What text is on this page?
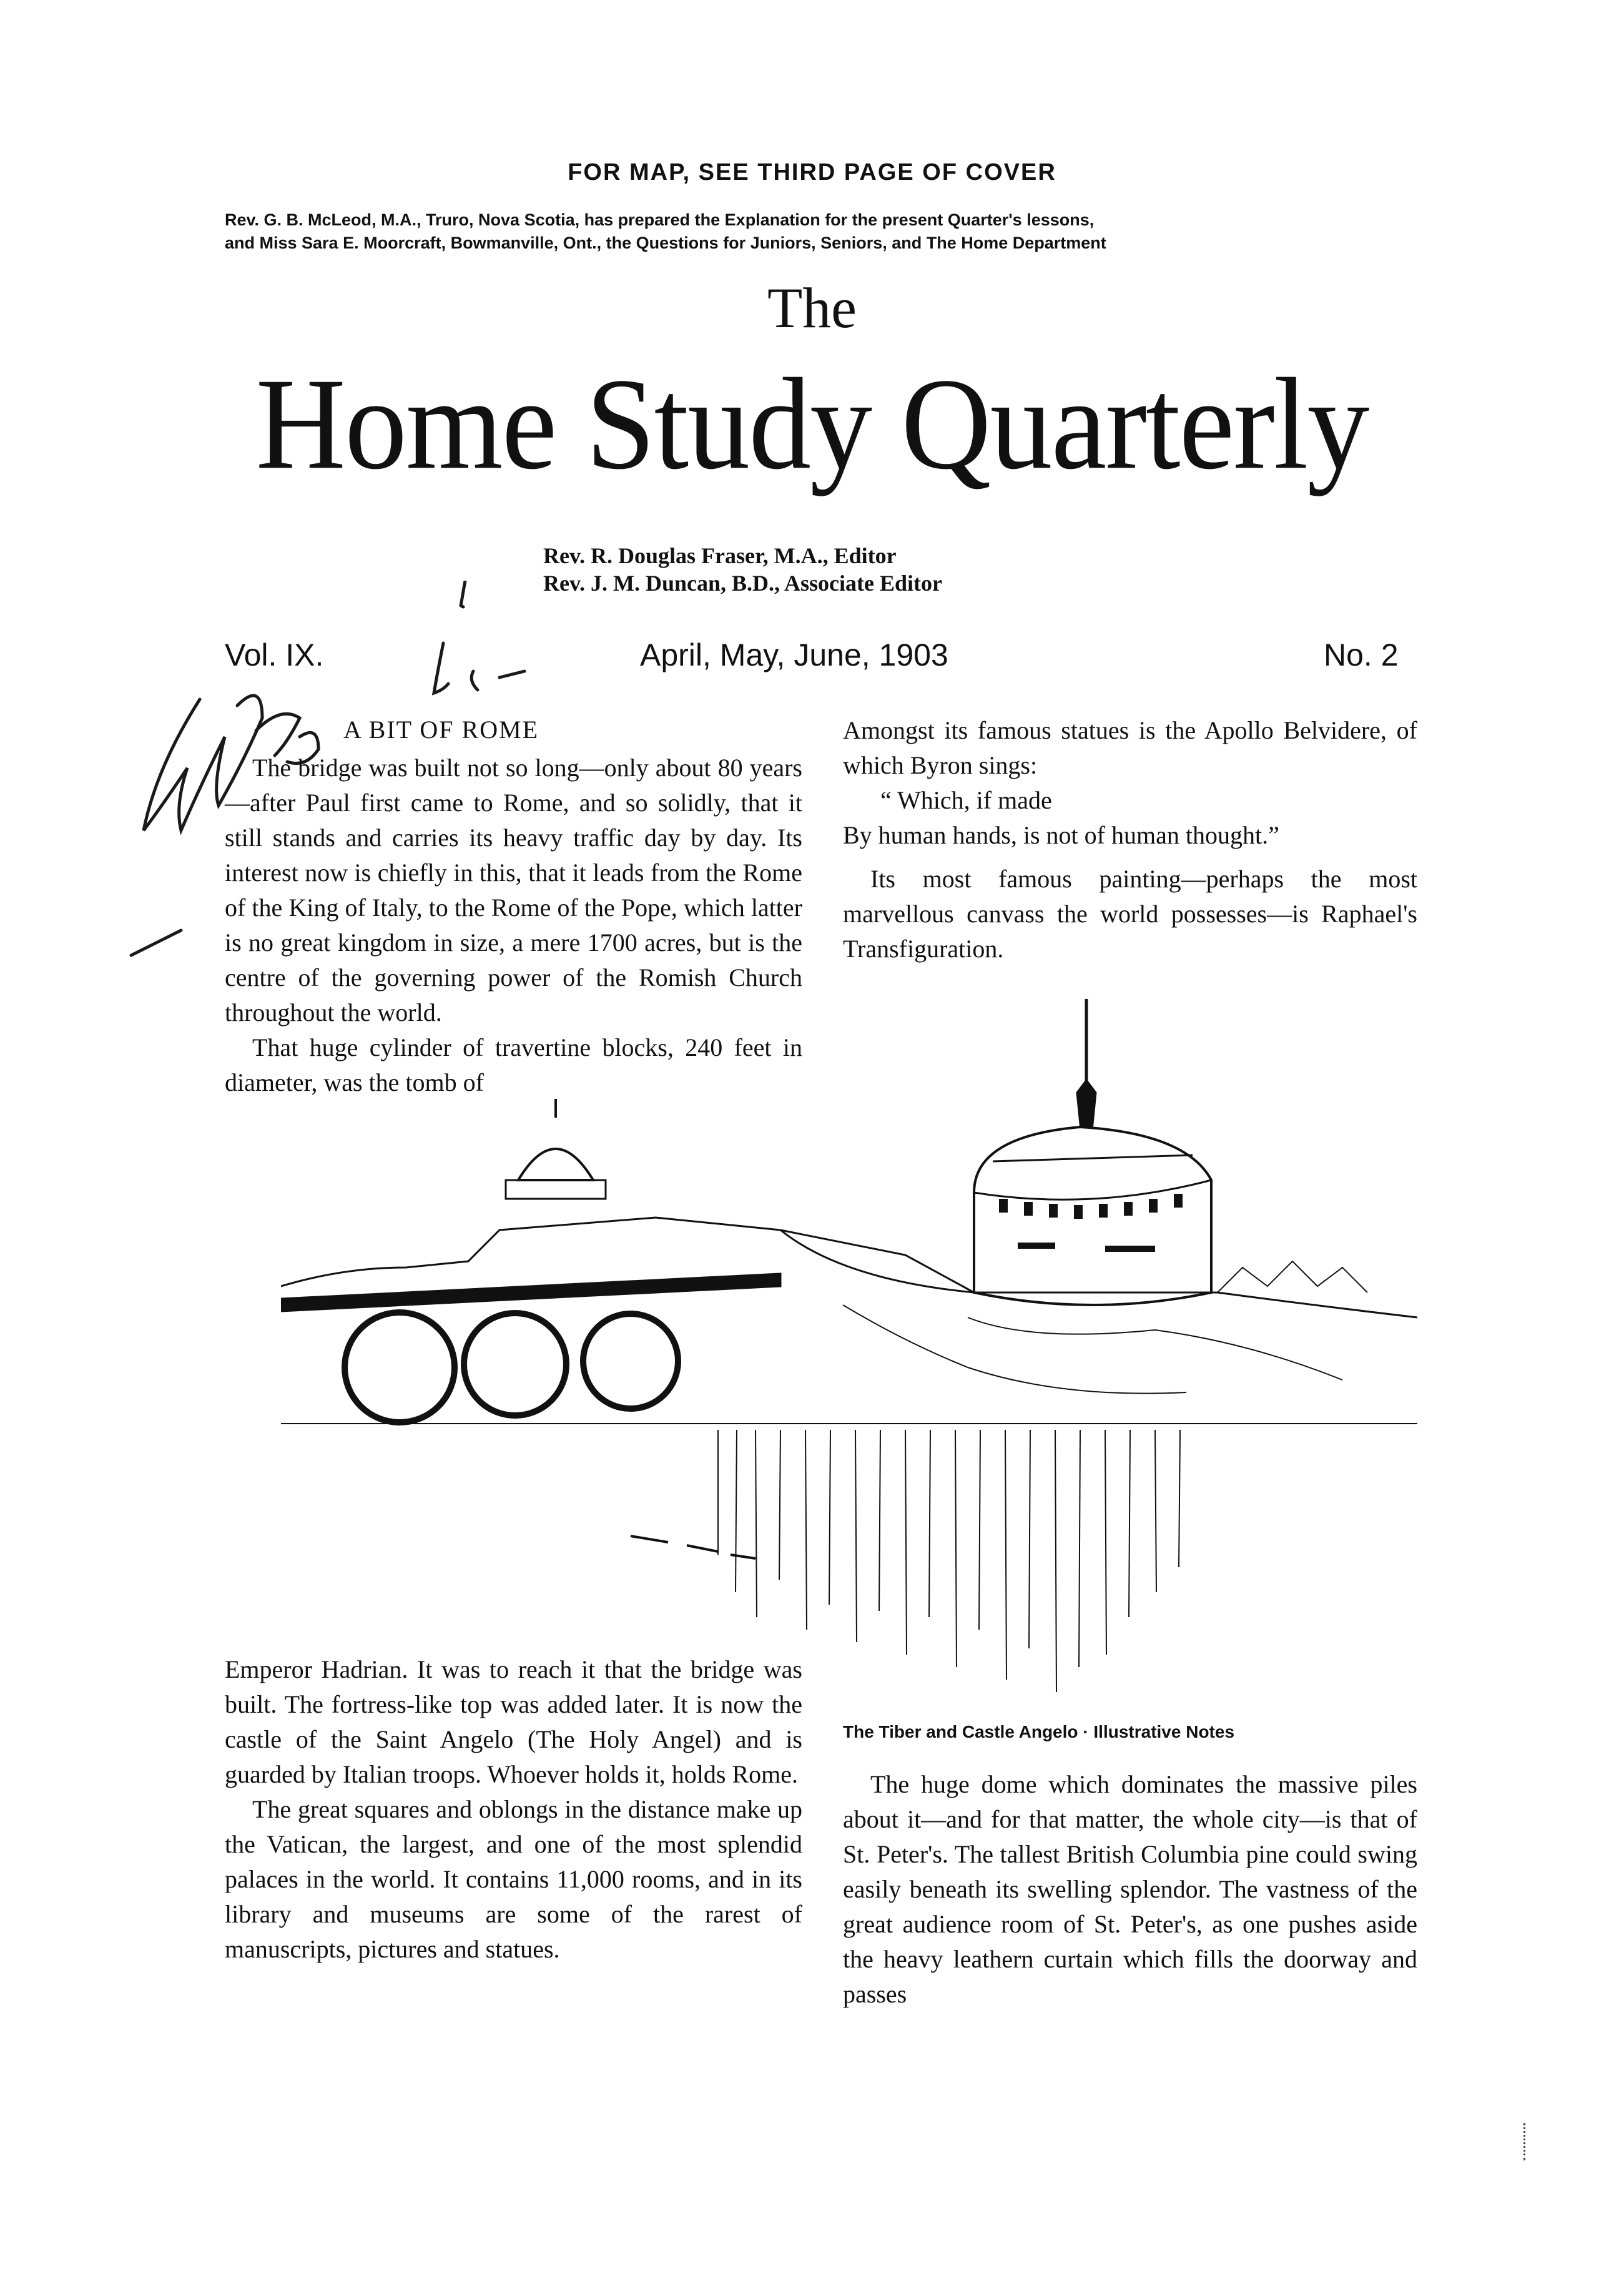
FOR MAP, SEE THIRD PAGE OF COVER
Rev. G. B. McLeod, M.A., Truro, Nova Scotia, has prepared the Explanation for the present Quarter's lessons,
and Miss Sara E. Moorcraft, Bowmanville, Ont., the Questions for Juniors, Seniors, and The Home Department
The
Home Study Quarterly
Rev. R. Douglas Fraser, M.A., Editor
Rev. J. M. Duncan, B.D., Associate Editor
Vol. IX.	April, May, June, 1903	No. 2
A BIT OF ROME

The bridge was built not so long—only about 80 years—after Paul first came to Rome, and so solidly, that it still stands and carries its heavy traffic day by day. Its interest now is chiefly in this, that it leads from the Rome of the King of Italy, to the Rome of the Pope, which latter is no great kingdom in size, a mere 1700 acres, but is the centre of the governing power of the Romish Church throughout the world.

That huge cylinder of travertine blocks, 240 feet in diameter, was the tomb of

Amongst its famous statues is the Apollo Belvidere, of which Byron sings:

“ Which, if made

By human hands, is not of human thought.”

Its most famous painting—perhaps the most marvellous canvass the world possesses—is Raphael's Transfiguration.

The Tiber and Castle Angelo · Illustrative Notes

Emperor Hadrian. It was to reach it that the bridge was built. The fortress-like top was added later. It is now the castle of the Saint Angelo (The Holy Angel) and is guarded by Italian troops. Whoever holds it, holds Rome.

The great squares and oblongs in the distance make up the Vatican, the largest, and one of the most splendid palaces in the world. It contains 11,000 rooms, and in its library and museums are some of the rarest of manuscripts, pictures and statues.

The huge dome which dominates the massive piles about it—and for that matter, the whole city—is that of St. Peter's. The tallest British Columbia pine could swing easily beneath its swelling splendor. The vastness of the great audience room of St. Peter's, as one pushes aside the heavy leathern curtain which fills the doorway and passes
